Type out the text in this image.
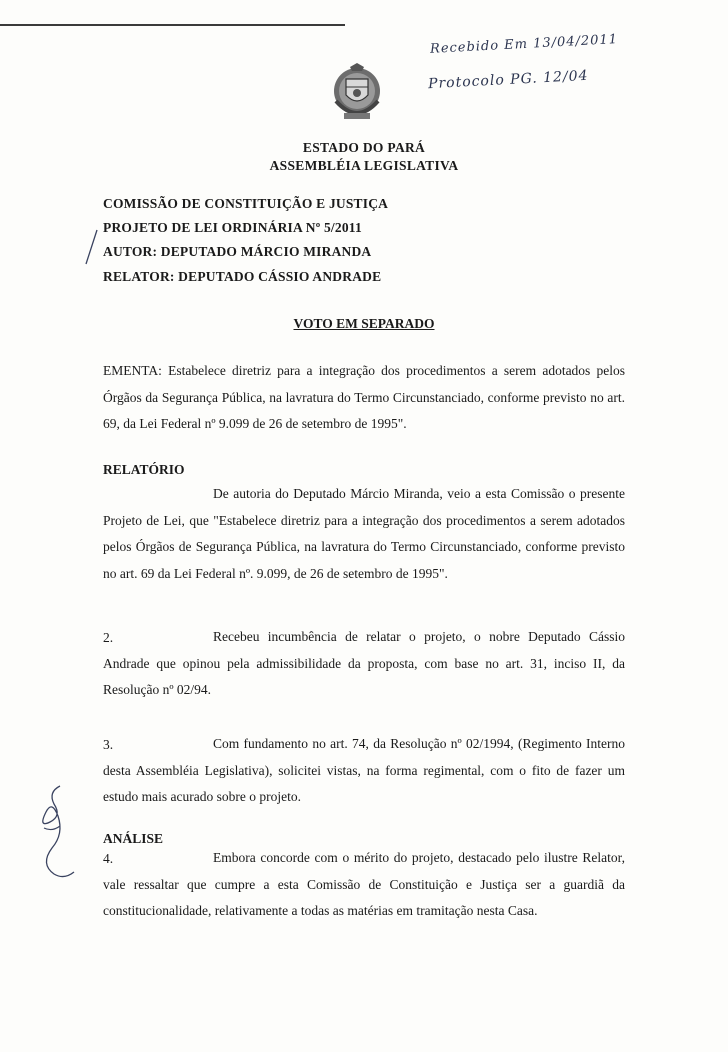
Recebido Em 13/04/2011
Protocolo PG. 12/04
ESTADO DO PARÁ
ASSEMBLÉIA LEGISLATIVA
COMISSÃO DE CONSTITUIÇÃO E JUSTIÇA
PROJETO DE LEI ORDINÁRIA Nº 5/2011
AUTOR: DEPUTADO MÁRCIO MIRANDA
RELATOR: DEPUTADO CÁSSIO ANDRADE
VOTO EM SEPARADO

EMENTA: Estabelece diretriz para a integração dos procedimentos a serem adotados pelos Órgãos da Segurança Pública, na lavratura do Termo Circunstanciado, conforme previsto no art. 69, da Lei Federal nº 9.099 de 26 de setembro de 1995".

RELATÓRIO

De autoria do Deputado Márcio Miranda, veio a esta Comissão o presente Projeto de Lei, que "Estabelece diretriz para a integração dos procedimentos a serem adotados pelos Órgãos de Segurança Pública, na lavratura do Termo Circunstanciado, conforme previsto no art. 69 da Lei Federal nº. 9.099, de 26 de setembro de 1995".

2.	Recebeu incumbência de relatar o projeto, o nobre Deputado Cássio Andrade que opinou pela admissibilidade da proposta, com base no art. 31, inciso II, da Resolução nº 02/94.

3.	Com fundamento no art. 74, da Resolução nº 02/1994, (Regimento Interno desta Assembléia Legislativa), solicitei vistas, na forma regimental, com o fito de fazer um estudo mais acurado sobre o projeto.

ANÁLISE
4.	Embora concorde com o mérito do projeto, destacado pelo ilustre Relator, vale ressaltar que cumpre a esta Comissão de Constituição e Justiça ser a guardiã da constitucionalidade, relativamente a todas as matérias em tramitação nesta Casa.
